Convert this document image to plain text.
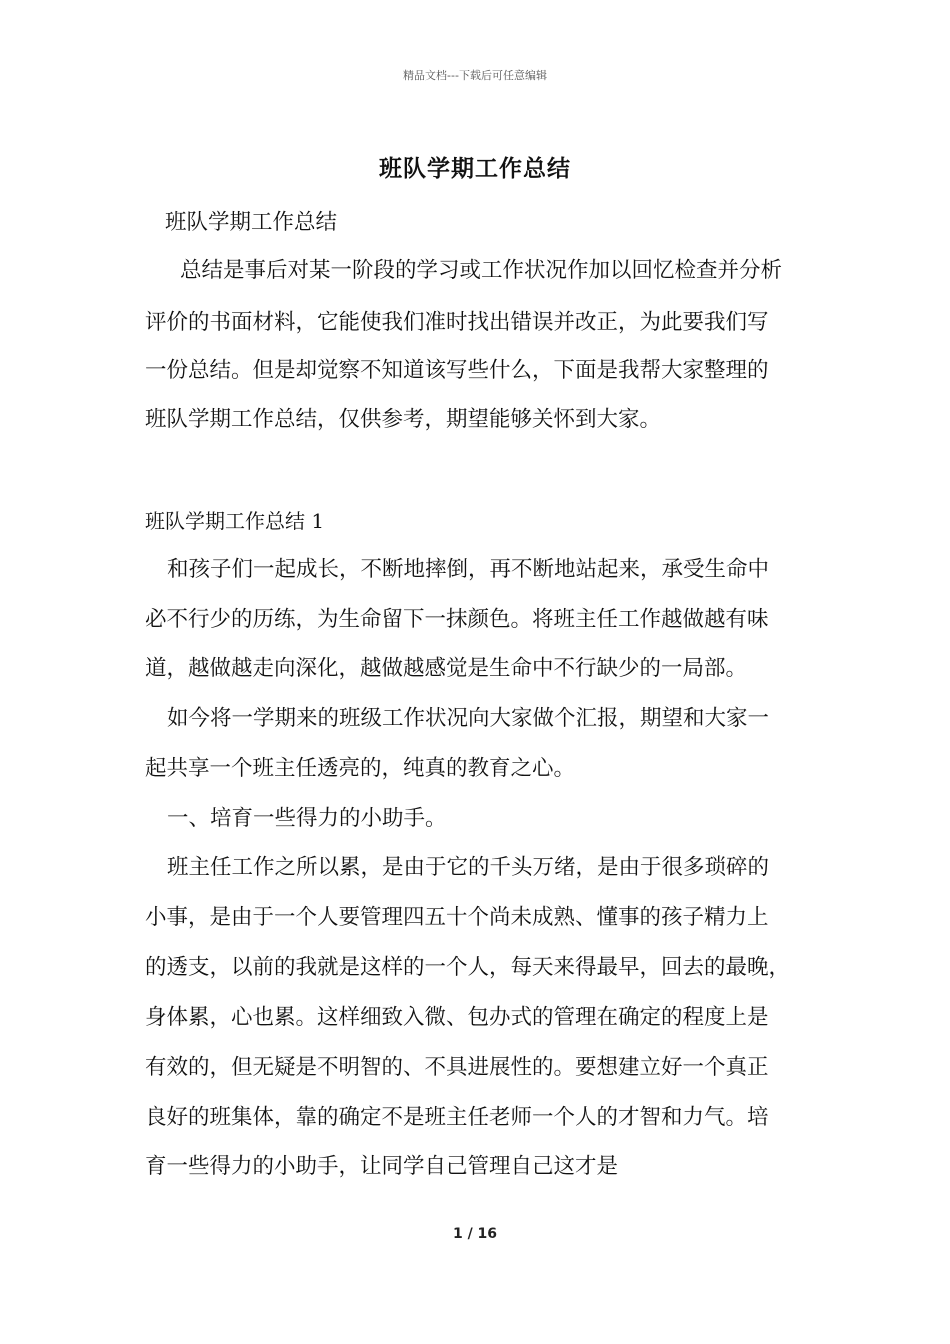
精品文档---下载后可任意编辑
班队学期工作总结
班队学期工作总结
总结是事后对某一阶段的学习或工作状况作加以回忆检查并分析
评价的书面材料，它能使我们准时找出错误并改正，为此要我们写
一份总结。但是却觉察不知道该写些什么，下面是我帮大家整理的
班队学期工作总结，仅供参考，期望能够关怀到大家。
班队学期工作总结 1
和孩子们一起成长，不断地摔倒，再不断地站起来，承受生命中
必不行少的历练，为生命留下一抹颜色。将班主任工作越做越有味
道，越做越走向深化，越做越感觉是生命中不行缺少的一局部。
如今将一学期来的班级工作状况向大家做个汇报，期望和大家一
起共享一个班主任透亮的，纯真的教育之心。
一、培育一些得力的小助手。
班主任工作之所以累，是由于它的千头万绪，是由于很多琐碎的
小事，是由于一个人要管理四五十个尚未成熟、懂事的孩子精力上
的透支，以前的我就是这样的一个人，每天来得最早，回去的最晚，
身体累，心也累。这样细致入微、包办式的管理在确定的程度上是
有效的，但无疑是不明智的、不具进展性的。要想建立好一个真正
良好的班集体，靠的确定不是班主任老师一个人的才智和力气。培
育一些得力的小助手，让同学自己管理自己这才是
1 / 16
